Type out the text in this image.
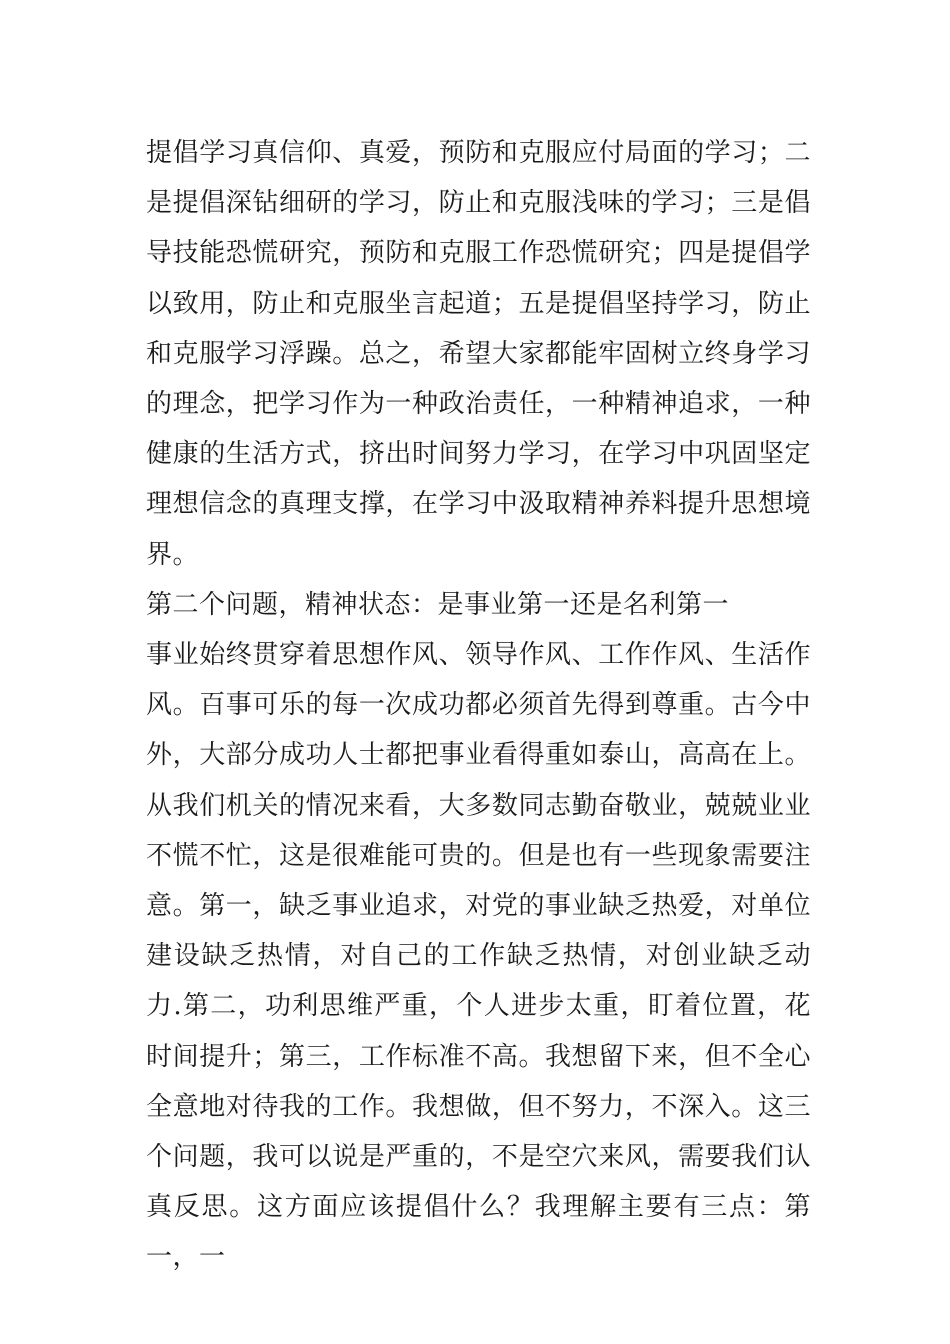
提倡学习真信仰、真爱，预防和克服应付局面的学习；二是提倡深钻细研的学习，防止和克服浅味的学习；三是倡导技能恐慌研究，预防和克服工作恐慌研究；四是提倡学以致用，防止和克服坐言起道；五是提倡坚持学习，防止和克服学习浮躁。总之，希望大家都能牢固树立终身学习的理念，把学习作为一种政治责任，一种精神追求，一种健康的生活方式，挤出时间努力学习，在学习中巩固坚定理想信念的真理支撑，在学习中汲取精神养料提升思想境界。

第二个问题，精神状态：是事业第一还是名利第一

事业始终贯穿着思想作风、领导作风、工作作风、生活作风。百事可乐的每一次成功都必须首先得到尊重。古今中外，大部分成功人士都把事业看得重如泰山，高高在上。从我们机关的情况来看，大多数同志勤奋敬业，兢兢业业不慌不忙，这是很难能可贵的。但是也有一些现象需要注意。第一，缺乏事业追求，对党的事业缺乏热爱，对单位建设缺乏热情，对自己的工作缺乏热情，对创业缺乏动力.第二，功利思维严重，个人进步太重，盯着位置，花时间提升；第三，工作标准不高。我想留下来，但不全心全意地对待我的工作。我想做，但不努力，不深入。这三个问题，我可以说是严重的，不是空穴来风，需要我们认真反思。这方面应该提倡什么？我理解主要有三点：第一，一
